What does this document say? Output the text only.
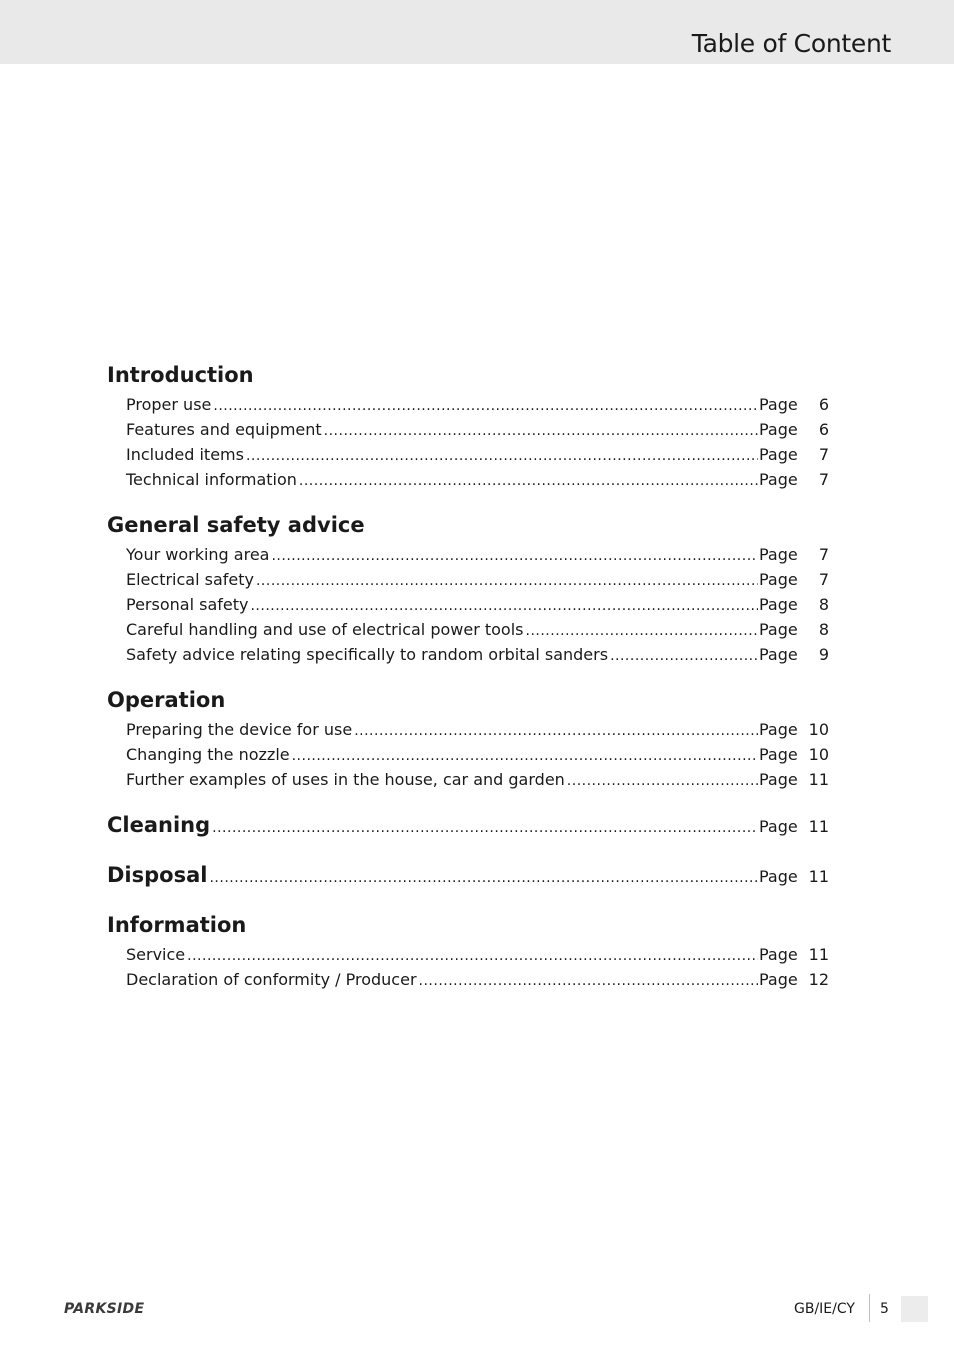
Table of Content
Introduction
Proper use .....	Page	6
Features and equipment .....	Page	6
Included items .....	Page	7
Technical information .....	Page	7
General safety advice
Your working area .....	Page	7
Electrical safety .....	Page	7
Personal safety .....	Page	8
Careful handling and use of electrical power tools .....	Page	8
Safety advice relating specifically to random orbital sanders .....	Page	9
Operation
Preparing the device for use .....	Page 10
Changing the nozzle .....	Page 10
Further examples of uses in the house, car and garden .....	Page 11
Cleaning .....	Page 11
Disposal .....	Page 11
Information
Service .....	Page 11
Declaration of conformity / Producer .....	Page 12
PARKSIDE	GB/IE/CY 5
